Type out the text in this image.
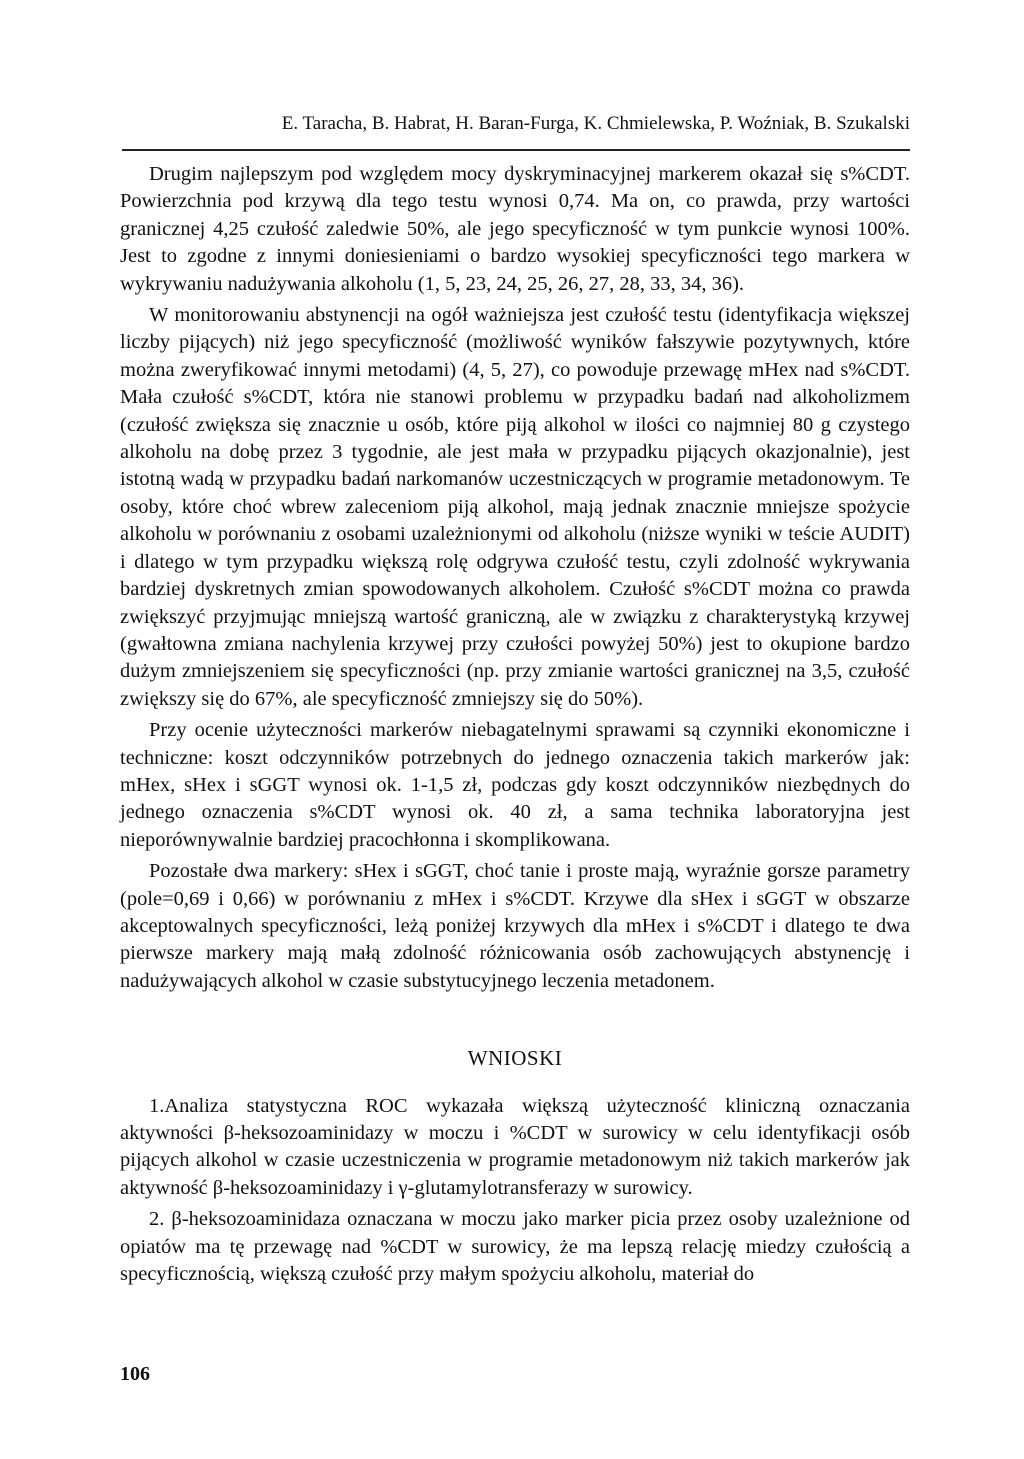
E. Taracha, B. Habrat, H. Baran-Furga, K. Chmielewska, P. Woźniak, B. Szukalski

Drugim najlepszym pod względem mocy dyskryminacyjnej markerem okazał się s%CDT. Powierzchnia pod krzywą dla tego testu wynosi 0,74. Ma on, co prawda, przy wartości granicznej 4,25 czułość zaledwie 50%, ale jego specyficzność w tym punkcie wynosi 100%. Jest to zgodne z innymi doniesieniami o bardzo wysokiej specyficzności tego markera w wykrywaniu nadużywania alkoholu (1, 5, 23, 24, 25, 26, 27, 28, 33, 34, 36).

W monitorowaniu abstynencji na ogół ważniejsza jest czułość testu (identyfikacja większej liczby pijących) niż jego specyficzność (możliwość wyników fałszywie pozytywnych, które można zweryfikować innymi metodami) (4, 5, 27), co powoduje przewagę mHex nad s%CDT. Mała czułość s%CDT, która nie stanowi problemu w przypadku badań nad alkoholizmem (czułość zwiększa się znacznie u osób, które piją alkohol w ilości co najmniej 80 g czystego alkoholu na dobę przez 3 tygodnie, ale jest mała w przypadku pijących okazjonalnie), jest istotną wadą w przypadku badań narkomanów uczestniczących w programie metadonowym. Te osoby, które choć wbrew zaleceniom piją alkohol, mają jednak znacznie mniejsze spożycie alkoholu w porównaniu z osobami uzależnionymi od alkoholu (niższe wyniki w teście AUDIT) i dlatego w tym przypadku większą rolę odgrywa czułość testu, czyli zdolność wykrywania bardziej dyskretnych zmian spowodowanych alkoholem. Czułość s%CDT można co prawda zwiększyć przyjmując mniejszą wartość graniczną, ale w związku z charakterystyką krzywej (gwałtowna zmiana nachylenia krzywej przy czułości powyżej 50%) jest to okupione bardzo dużym zmniejszeniem się specyficzności (np. przy zmianie wartości granicznej na 3,5, czułość zwiększy się do 67%, ale specyficzność zmniejszy się do 50%).

Przy ocenie użyteczności markerów niebagatelnymi sprawami są czynniki ekonomiczne i techniczne: koszt odczynników potrzebnych do jednego oznaczenia takich markerów jak: mHex, sHex i sGGT wynosi ok. 1-1,5 zł, podczas gdy koszt odczynników niezbędnych do jednego oznaczenia s%CDT wynosi ok. 40 zł, a sama technika laboratoryjna jest nieporównywalnie bardziej pracochłonna i skomplikowana.

Pozostałe dwa markery: sHex i sGGT, choć tanie i proste mają, wyraźnie gorsze parametry (pole=0,69 i 0,66) w porównaniu z mHex i s%CDT. Krzywe dla sHex i sGGT w obszarze akceptowalnych specyficzności, leżą poniżej krzywych dla mHex i s%CDT i dlatego te dwa pierwsze markery mają małą zdolność różnicowania osób zachowujących abstynencję i nadużywających alkohol w czasie substytucyjnego leczenia metadonem.

WNIOSKI

1.Analiza statystyczna ROC wykazała większą użyteczność kliniczną oznaczania aktywności β-heksozoaminidazy w moczu i %CDT w surowicy w celu identyfikacji osób pijących alkohol w czasie uczestniczenia w programie metadonowym niż takich markerów jak aktywność β-heksozoaminidazy i γ-glutamylotransferazy w surowicy.

2. β-heksozoaminidaza oznaczana w moczu jako marker picia przez osoby uzależnione od opiatów ma tę przewagę nad %CDT w surowicy, że ma lepszą relację miedzy czułością a specyficznością, większą czułość przy małym spożyciu alkoholu, materiał do

106
